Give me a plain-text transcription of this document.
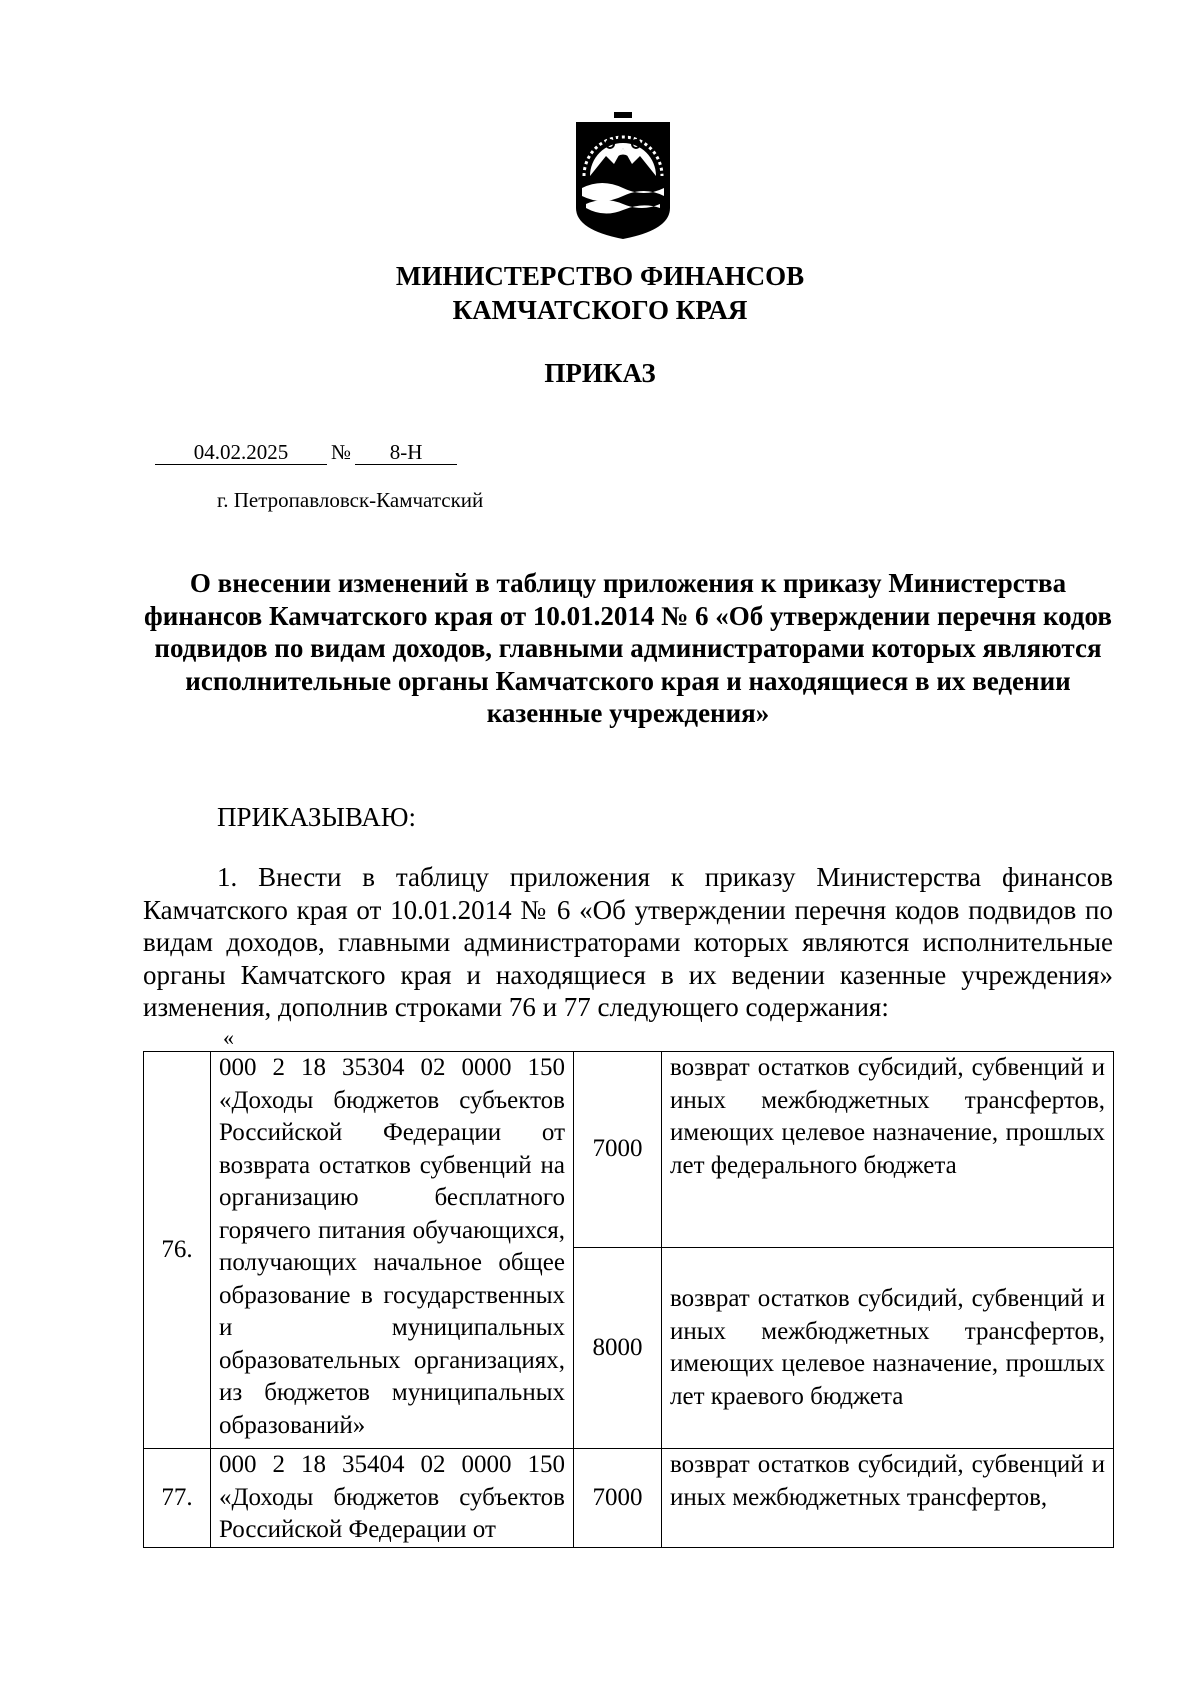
МИНИСТЕРСТВО ФИНАНСОВ
КАМЧАТСКОГО КРАЯ
ПРИКАЗ
04.02.2025	№	8-Н
г. Петропавловск-Камчатский
О внесении изменений в таблицу приложения к приказу Министерства финансов Камчатского края от 10.01.2014 № 6 «Об утверждении перечня кодов подвидов по видам доходов, главными администраторами которых являются исполнительные органы Камчатского края и находящиеся в их ведении казенные учреждения»
ПРИКАЗЫВАЮ:

1. Внести в таблицу приложения к приказу Министерства финансов Камчатского края от 10.01.2014 № 6 «Об утверждении перечня кодов подвидов по видам доходов, главными администраторами которых являются исполнительные органы Камчатского края и находящиеся в их ведении казенные учреждения» изменения, дополнив строками 76 и 77 следующего содержания:

«
76.	000 2 18 35304 02 0000 150 «Доходы бюджетов субъектов Российской Федерации от возврата остатков субвенций на организацию бесплатного горячего питания обучающихся, получающих начальное общее образование в государственных и муниципальных образовательных организациях, из бюджетов муниципальных образований»	7000	возврат остатков субсидий, субвенций и иных межбюджетных трансфертов, имеющих целевое назначение, прошлых лет федерального бюджета
		8000	возврат остатков субсидий, субвенций и иных межбюджетных трансфертов, имеющих целевое назначение, прошлых лет краевого бюджета
77.	000 2 18 35404 02 0000 150 «Доходы бюджетов субъектов Российской Федерации от	7000	возврат остатков субсидий, субвенций и иных межбюджетных трансфертов,
